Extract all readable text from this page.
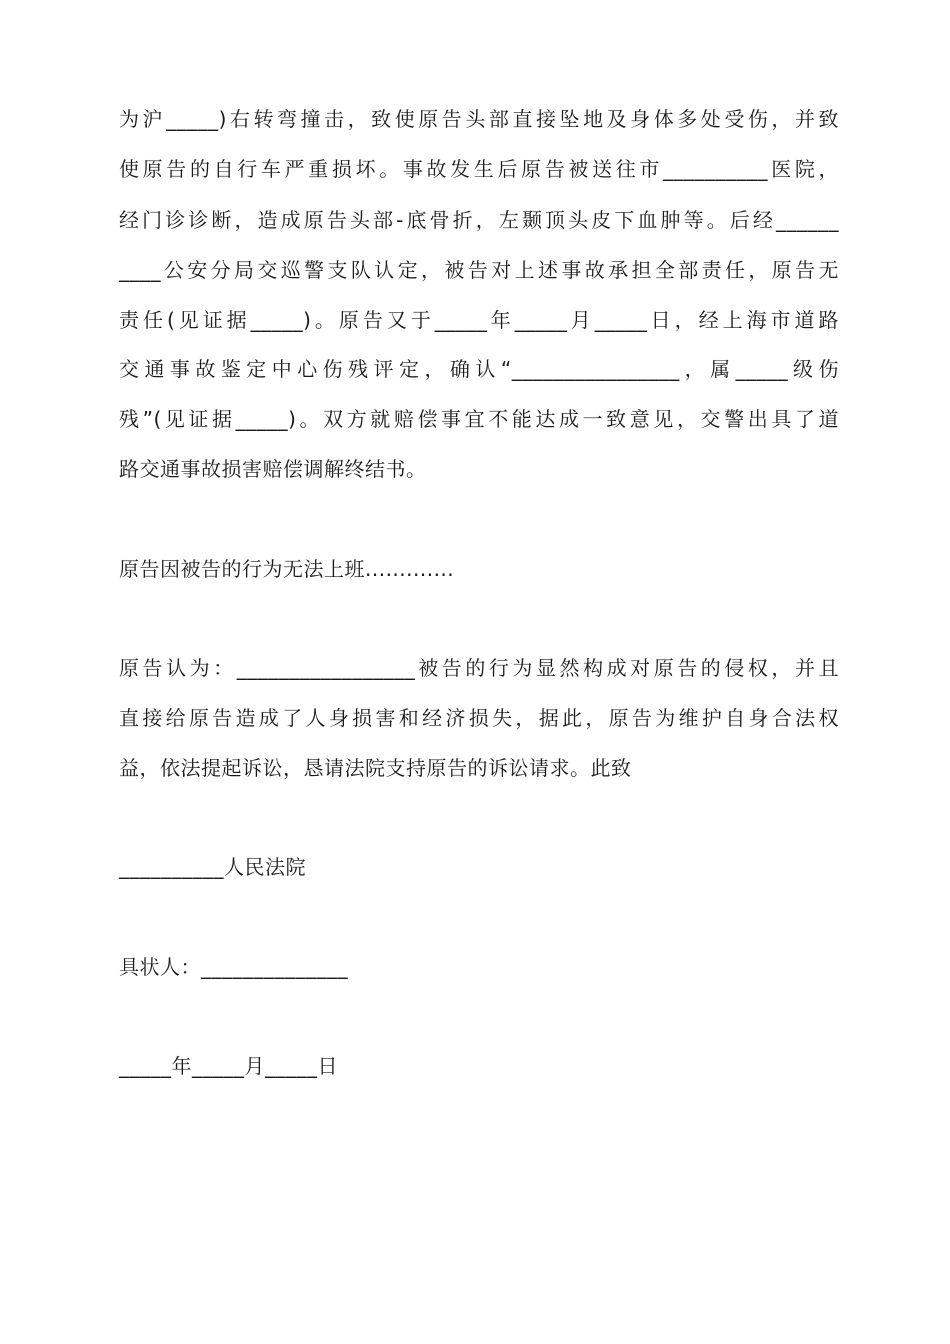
为沪_____)右转弯撞击，致使原告头部直接坠地及身体多处受伤，并致
使原告的自行车严重损坏。事故发生后原告被送往市__________医院，
经门诊诊断，造成原告头部-底骨折，左颞顶头皮下血肿等。后经______
____公安分局交巡警支队认定，被告对上述事故承担全部责任，原告无
责任(见证据_____)。原告又于_____年_____月_____日，经上海市道路
交通事故鉴定中心伤残评定，确认“________________，属_____级伤
残”(见证据_____)。双方就赔偿事宜不能达成一致意见，交警出具了道
路交通事故损害赔偿调解终结书。
原告因被告的行为无法上班.............
原告认为：_________________被告的行为显然构成对原告的侵权，并且
直接给原告造成了人身损害和经济损失，据此，原告为维护自身合法权
益，依法提起诉讼，恳请法院支持原告的诉讼请求。此致
__________人民法院
具状人：______________
_____年_____月_____日
